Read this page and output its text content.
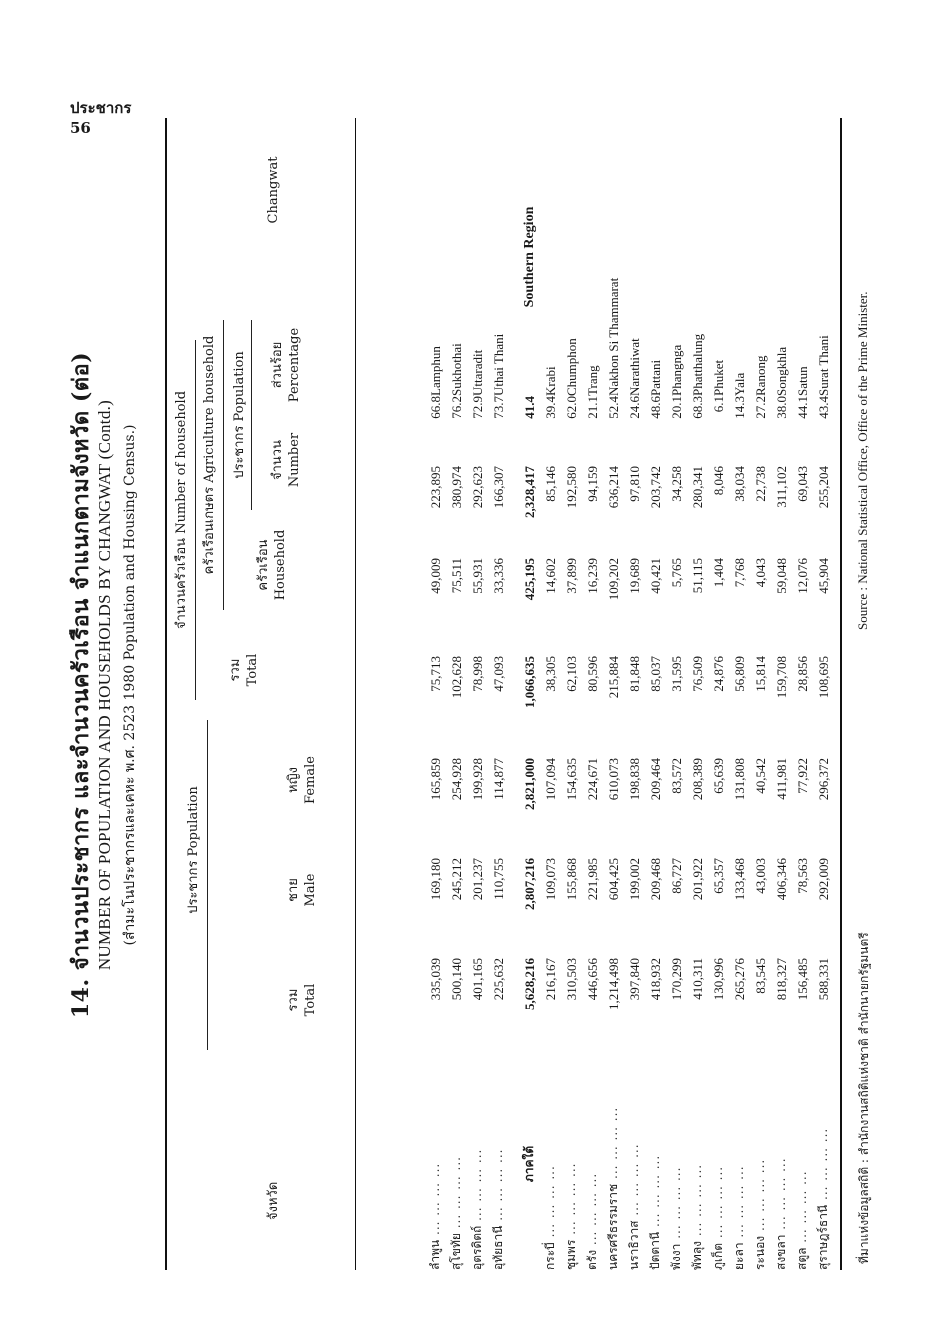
ประชากร
56
14. จำนวนประชากร และจำนวนครัวเรือน จำแนกตามจังหวัด (ต่อ) NUMBER OF POPULATION AND HOUSEHOLDS BY CHANGWAT (Contd.) (สำมะโนประชากรและเคหะ พ.ศ. 2523 1980 Population and Housing Census.)
จังหวัด
ประชากร Population
รวม Total
ชาย Male
หญิง Female
จำนวนครัวเรือน Number of household
รวม Total
ครัวเรือนเกษตร Agriculture household	ครัวเรือน Household
ประชากร Population จำนวน Number
ส่วนร้อย Percentage
Changwat
ลำพูน ... ... ... ...	335,039	169,180	165,859	75,713	49,009	223,895	66.8	Lamphun
สุโขทัย ... ... ... ...	500,140	245,212	254,928	102,628	75,511	380,974	76.2	Sukhothai
อุตรดิตถ์ ... ... ... ...	401,165	201,237	199,928	78,998	55,931	292,623	72.9	Uttaradit
อุทัยธานี ... ... ... ...	225,632	110,755	114,877	47,093	33,336	166,307	73.7	Uthai Thani

ภาคใต้	5,628,216	2,807,216	2,821,000	1,066,635	425,195	2,328,417	41.4	Southern Region
กระบี่ ... ... ... ...	216,167	109,073	107,094	38,305	14,602	85,146	39.4	Krabi
ชุมพร ... ... ... ...	310,503	155,868	154,635	62,103	37,899	192,580	62.0	Chumphon
ตรัง ... ... ... ...	446,656	221,985	224,671	80,596	16,239	94,159	21.1	Trang
นครศรีธรรมราช ... ... ... ...	1,214,498	604,425	610,073	215,884	109,202	636,214	52.4	Nakhon Si Thammarat
นราธิวาส ... ... ... ...	397,840	199,002	198,838	81,848	19,689	97,810	24.6	Narathiwat
ปัตตานี ... ... ... ...	418,932	209,468	209,464	85,037	40,421	203,742	48.6	Pattani
พังงา ... ... ... ...	170,299	86,727	83,572	31,595	5,765	34,258	20.1	Phangnga
พัทลุง ... ... ... ...	410,311	201,922	208,389	76,509	51,115	280,341	68.3	Phatthalung
ภูเก็ต ... ... ... ...	130,996	65,357	65,639	24,876	1,404	8,046	6.1	Phuket
ยะลา ... ... ... ...	265,276	133,468	131,808	56,809	7,768	38,034	14.3	Yala
ระนอง ... ... ... ...	83,545	43,003	40,542	15,814	4,043	22,738	27.2	Ranong
สงขลา ... ... ... ...	818,327	406,346	411,981	159,708	59,048	311,102	38.0	Songkhla
สตูล ... ... ... ...	156,485	78,563	77,922	28,856	12,076	69,043	44.1	Satun
สุราษฎร์ธานี ... ... ... ...	588,331	292,009	296,372	108,695	45,904	255,204	43.4	Surat Thani
ที่มาแห่งข้อมูลสถิติ : สำนักงานสถิติแห่งชาติ สำนักนายกรัฐมนตรี
Source : National Statistical Office, Office of the Prime Minister.
